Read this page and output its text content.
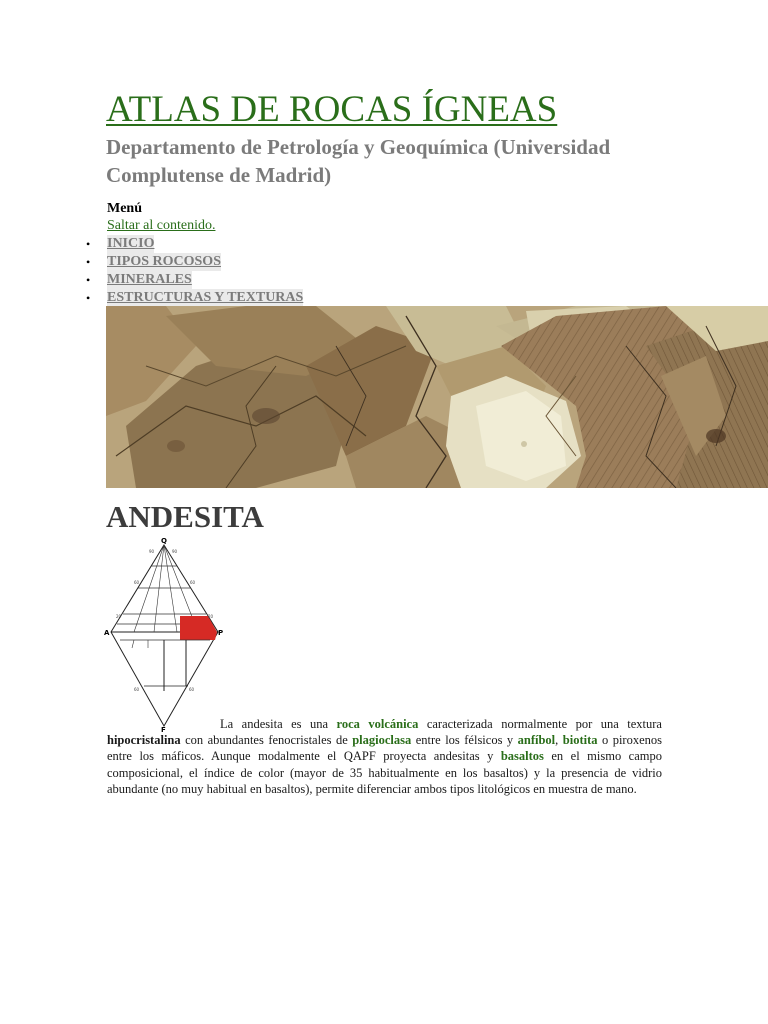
ATLAS DE ROCAS ÍGNEAS

Departamento de Petrología y Geoquímica (Universidad Complutense de Madrid)

Menú
Saltar al contenido.
• INICIO
• TIPOS ROCOSOS
• MINERALES
• ESTRUCTURAS Y TEXTURAS
ANDESITA
90	90
60	60
20	20
60	60
Q
A	P
F	La andesita es una roca volcánica caracterizada normalmente por una textura hipocristalina con abundantes fenocristales de plagioclasa entre los félsicos y anfíbol, biotita o piroxenos entre los máficos. Aunque modalmente el QAPF proyecta andesitas y basaltos en el mismo campo composicional, el índice de color (mayor de 35 habitualmente en los basaltos) y la presencia de vidrio abundante (no muy habitual en basaltos), permite diferenciar ambos tipos litológicos en muestra de mano.
